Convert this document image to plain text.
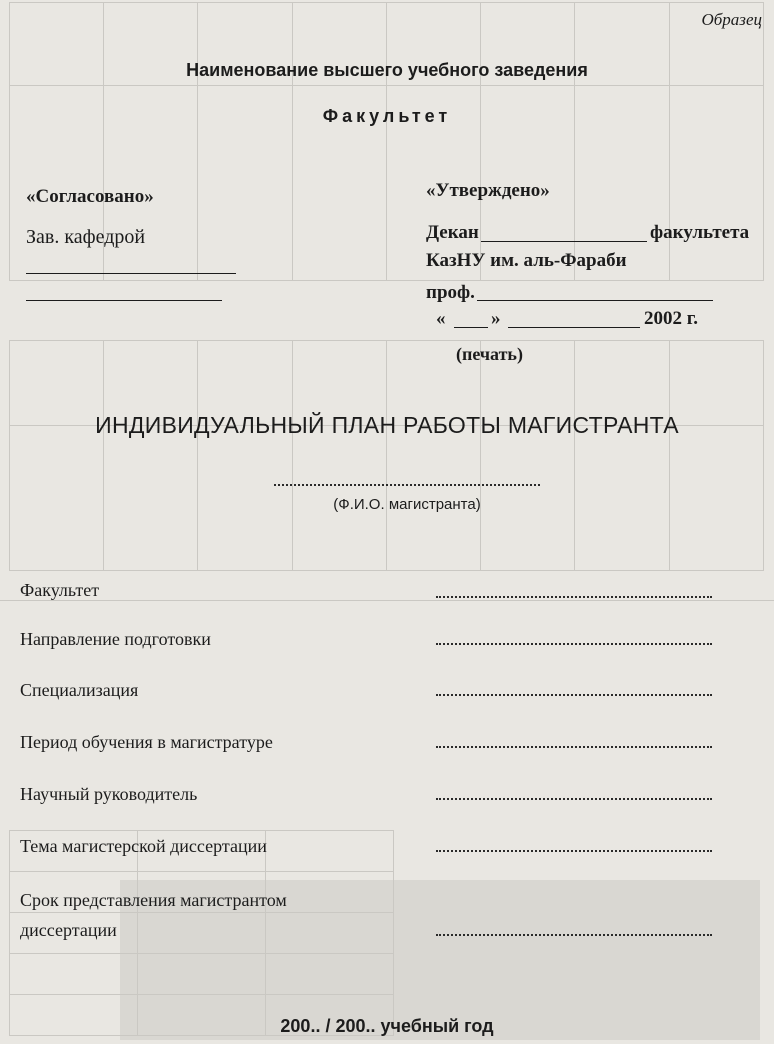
Образец
Наименование высшего учебного заведения
Факультет
«Согласовано»
Зав. кафедрой
«Утверждено»
Декан	факультета
КазНУ им. аль-Фараби
проф.
« »	2002 г.
(печать)
ИНДИВИДУАЛЬНЫЙ ПЛАН РАБОТЫ МАГИСТРАНТА
(Ф.И.О. магистранта)
Факультет
Направление подготовки
Специализация
Период обучения в магистратуре
Научный руководитель
Тема магистерской диссертации
Срок представления магистрантом
диссертации
200.. / 200.. учебный год
